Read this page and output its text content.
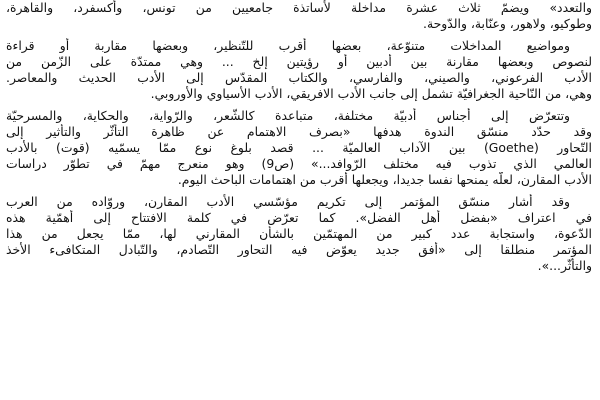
والتعدد» ويضمّ ثلاث عشرة مداخلة لأساتذة جامعيين من تونس، وأكسفرد، والقاهرة،
وطوكيو، ولاهور، وعنّابة، والدّوحة.
ومواضيع المداخلات متنوّعة، بعضها أقرب للتّنظير، وبعضها مقاربة أو قراءة
لنصوص وبعضها مقارنة بين أدبين أو رؤيتين إلخ ... وهي ممتدّة على الزّمن من
الأدب الفرعوني، والصيني، والفارسي، والكتاب المقدّس إلى الأدب الحديث والمعاصر.
وهي، من النّاحية الجغرافيّة تشمل إلى جانب الأدب الافريقي، الأدب الأسياوي والأوروبي.
وتتعرّض إلى أجناس أدبيّة مختلفة، متباعدة كالشّعر، والرّواية، والحكاية، والمسرحيّة
وقد حدّد منسّق الندوة هدفها «بصرف الاهتمام عن ظاهرة التأثّر والتأثير إلى
التّحاور (Goethe) بين الآداب العالميّة ... قصد بلوغ نوع ممّا يسمّيه (قوت) بالأدب
العالمي الذي تذوب فيه مختلف الرّوافد...» (ص9) وهو منعرج مهمّ في تطوّر دراسات
الأدب المقارن، لعلّه يمنحها نفسا جديدا، ويجعلها أقرب من اهتمامات الباحث اليوم.
وقد أشار منسّق المؤتمر إلى تكريم مؤسّسي الأدب المقارن، وروّاده من العرب
في اعتراف «بفضل أهل الفضل». كما تعرّض في كلمة الافتتاح إلى أهمّية هذه
الدّعوة، واستجابة عدد كبير من المهتمّين بالشأن المقارني لها، ممّا يجعل من هذا
المؤتمر منطلقا إلى «أفق جديد يعوّض فيه التحاور التّصادم، والتّبادل المتكافىء الأخذ
والتأثّر...».
